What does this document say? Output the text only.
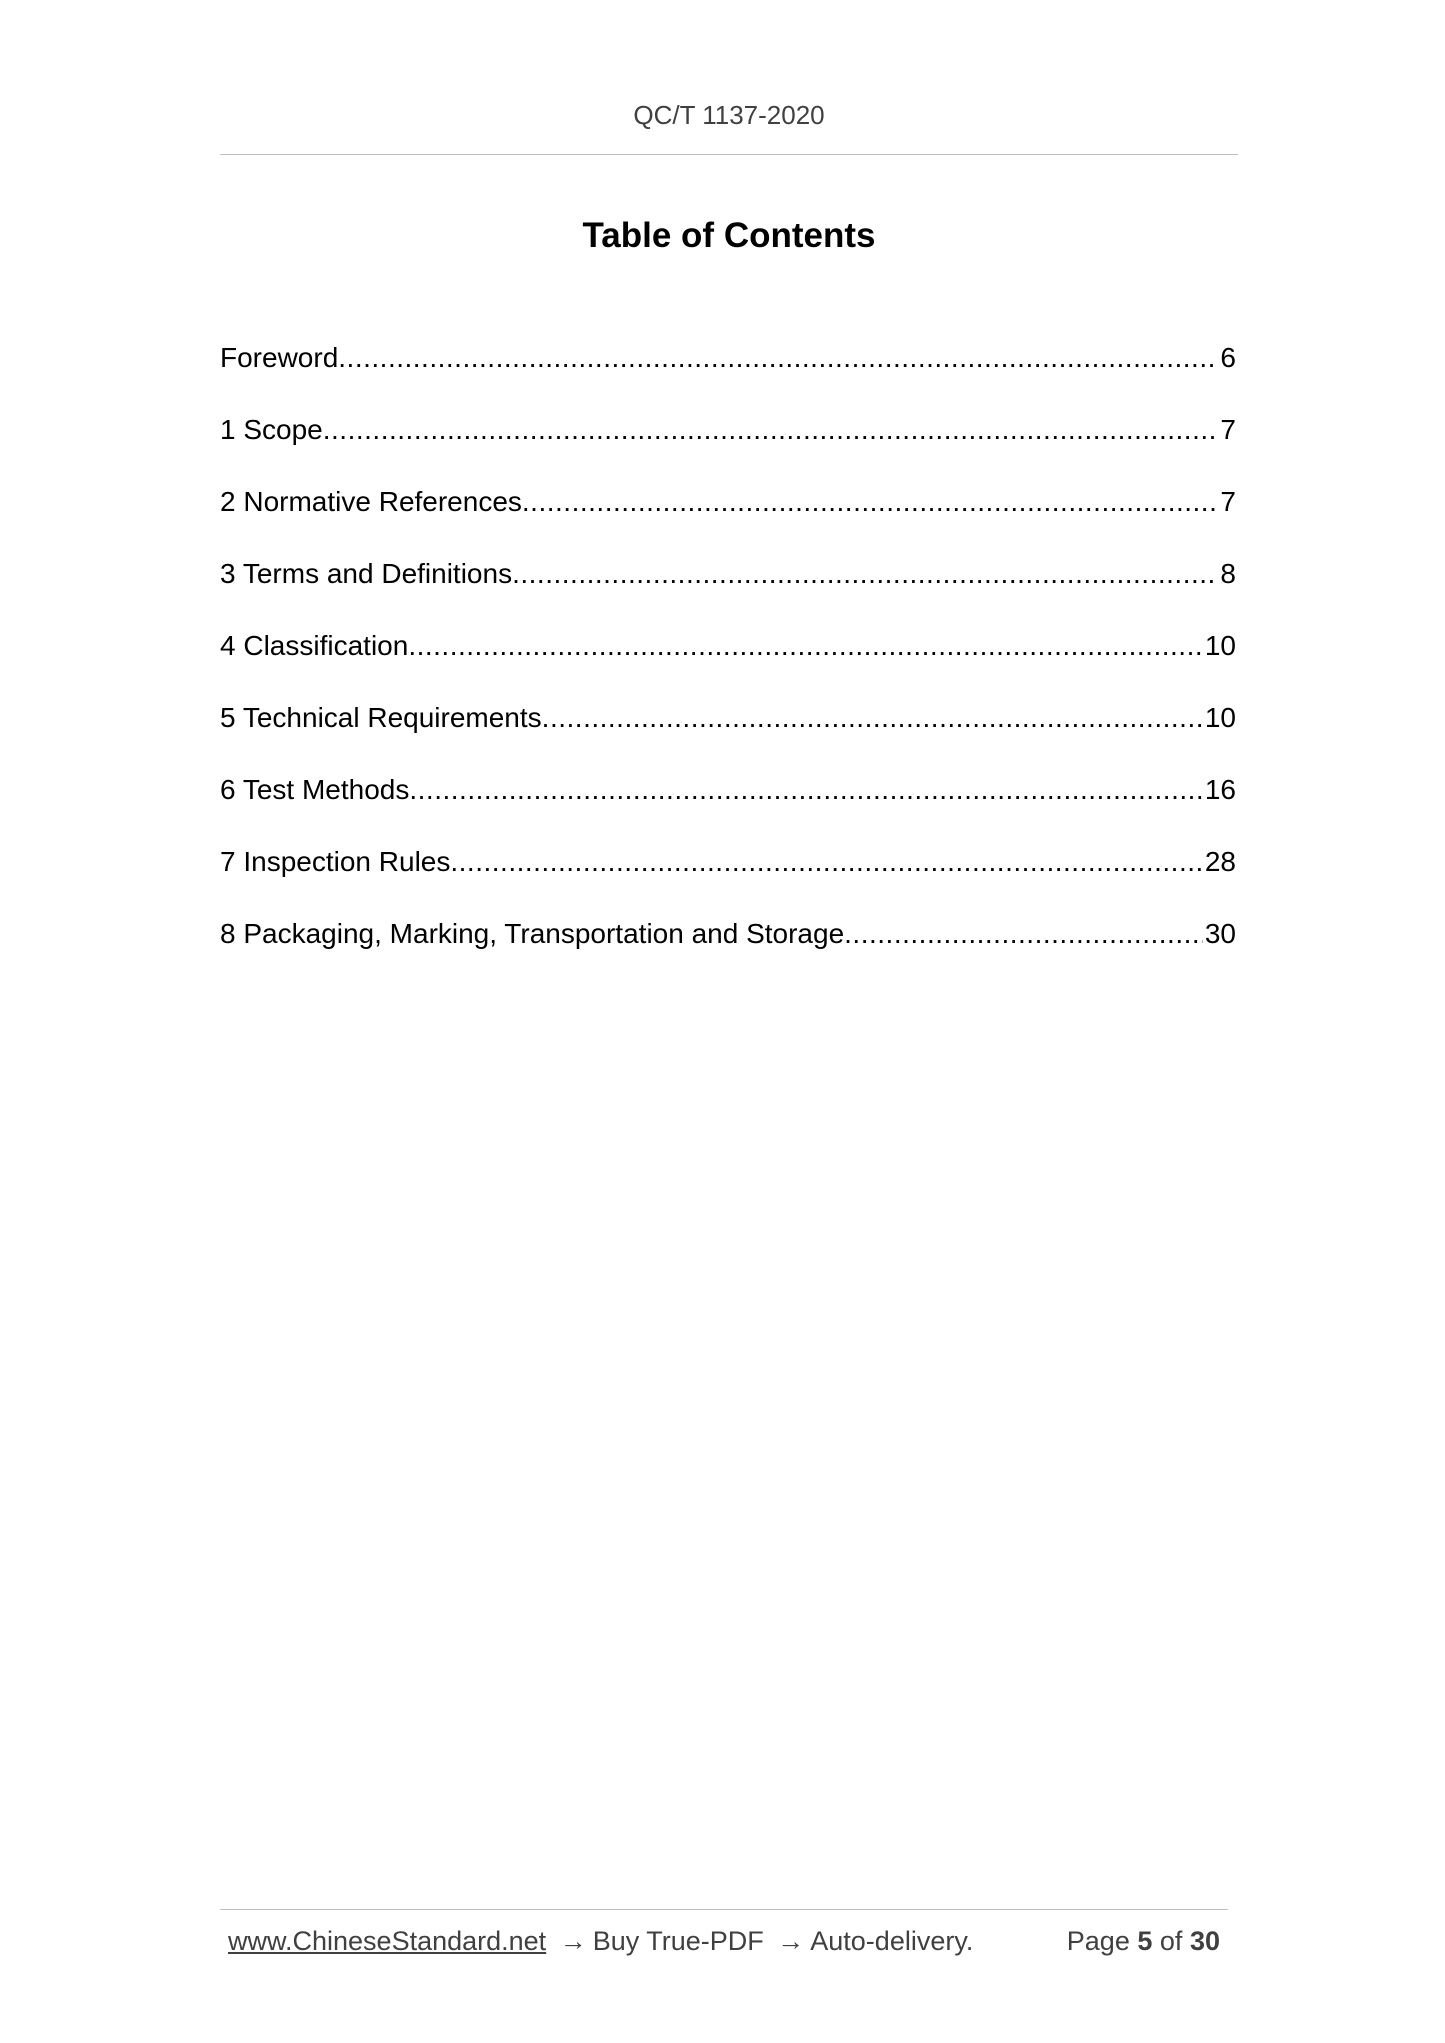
QC/T 1137-2020
Table of Contents
Foreword .....	6
1 Scope .....	7
2 Normative References .....	7
3 Terms and Definitions .....	8
4 Classification .....	10
5 Technical Requirements .....	10
6 Test Methods .....	16
7 Inspection Rules .....	28
8 Packaging, Marking, Transportation and Storage .....	30
www.ChineseStandard.net → Buy True-PDF → Auto-delivery.	Page 5 of 30
